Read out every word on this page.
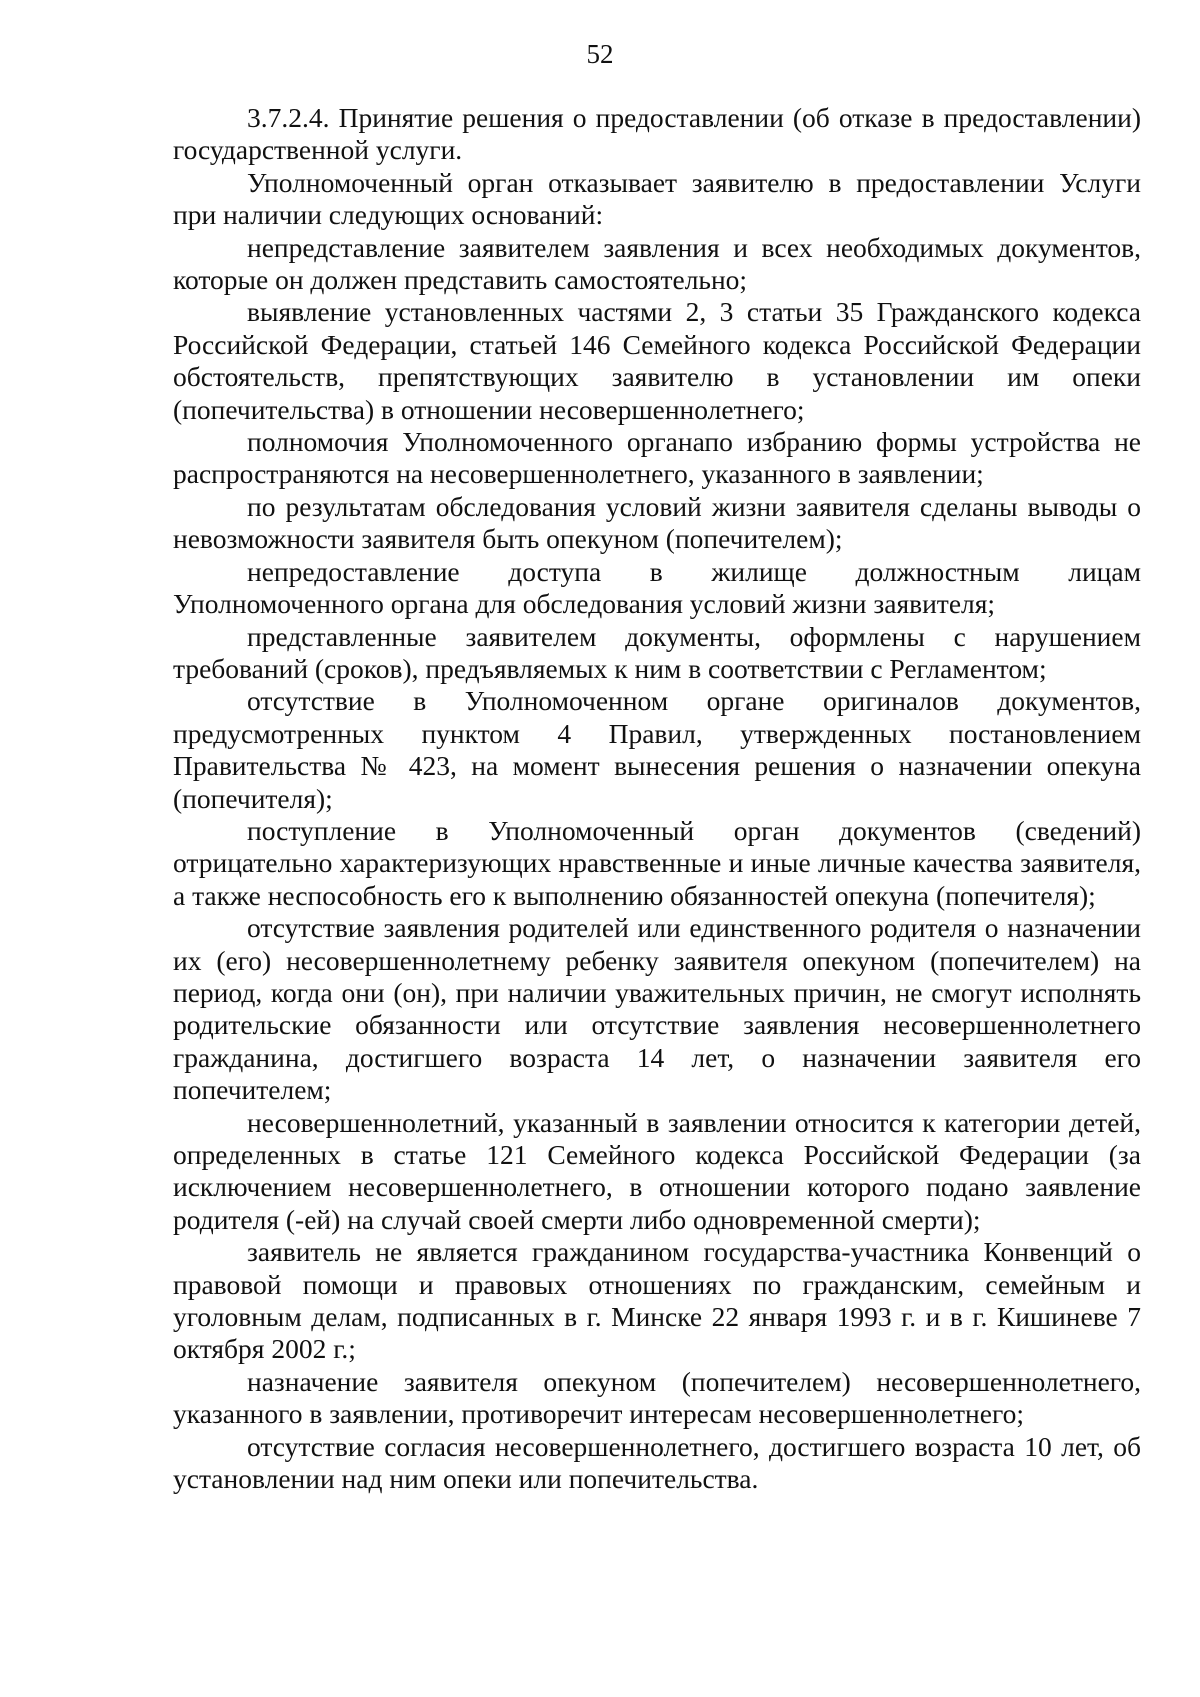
52

3.7.2.4. Принятие решения о предоставлении (об отказе в предоставлении) государственной услуги.

Уполномоченный орган отказывает заявителю в предоставлении Услуги при наличии следующих оснований:

непредставление заявителем заявления и всех необходимых документов, которые он должен представить самостоятельно;

выявление установленных частями 2, 3 статьи 35 Гражданского кодекса Российской Федерации, статьей 146 Семейного кодекса Российской Федерации обстоятельств, препятствующих заявителю в установлении им опеки (попечительства) в отношении несовершеннолетнего;

полномочия Уполномоченного органапо избранию формы устройства не распространяются на несовершеннолетнего, указанного в заявлении;

по результатам обследования условий жизни заявителя сделаны выводы о невозможности заявителя быть опекуном (попечителем);

непредоставление доступа в жилище должностным лицам Уполномоченного органа для обследования условий жизни заявителя;

представленные заявителем документы, оформлены с нарушением требований (сроков), предъявляемых к ним в соответствии с Регламентом;

отсутствие в Уполномоченном органе оригиналов документов, предусмотренных пунктом 4 Правил, утвержденных постановлением Правительства № 423, на момент вынесения решения о назначении опекуна (попечителя);

поступление в Уполномоченный орган документов (сведений) отрицательно характеризующих нравственные и иные личные качества заявителя, а также неспособность его к выполнению обязанностей опекуна (попечителя);

отсутствие заявления родителей или единственного родителя о назначении их (его) несовершеннолетнему ребенку заявителя опекуном (попечителем) на период, когда они (он), при наличии уважительных причин, не смогут исполнять родительские обязанности или отсутствие заявления несовершеннолетнего гражданина, достигшего возраста 14 лет, о назначении заявителя его попечителем;

несовершеннолетний, указанный в заявлении относится к категории детей, определенных в статье 121 Семейного кодекса Российской Федерации (за исключением несовершеннолетнего, в отношении которого подано заявление родителя (-ей) на случай своей смерти либо одновременной смерти);

заявитель не является гражданином государства-участника Конвенций о правовой помощи и правовых отношениях по гражданским, семейным и уголовным делам, подписанных в г. Минске 22 января 1993 г. и в г. Кишиневе 7 октября 2002 г.;

назначение заявителя опекуном (попечителем) несовершеннолетнего, указанного в заявлении, противоречит интересам несовершеннолетнего;

отсутствие согласия несовершеннолетнего, достигшего возраста 10 лет, об установлении над ним опеки или попечительства.
